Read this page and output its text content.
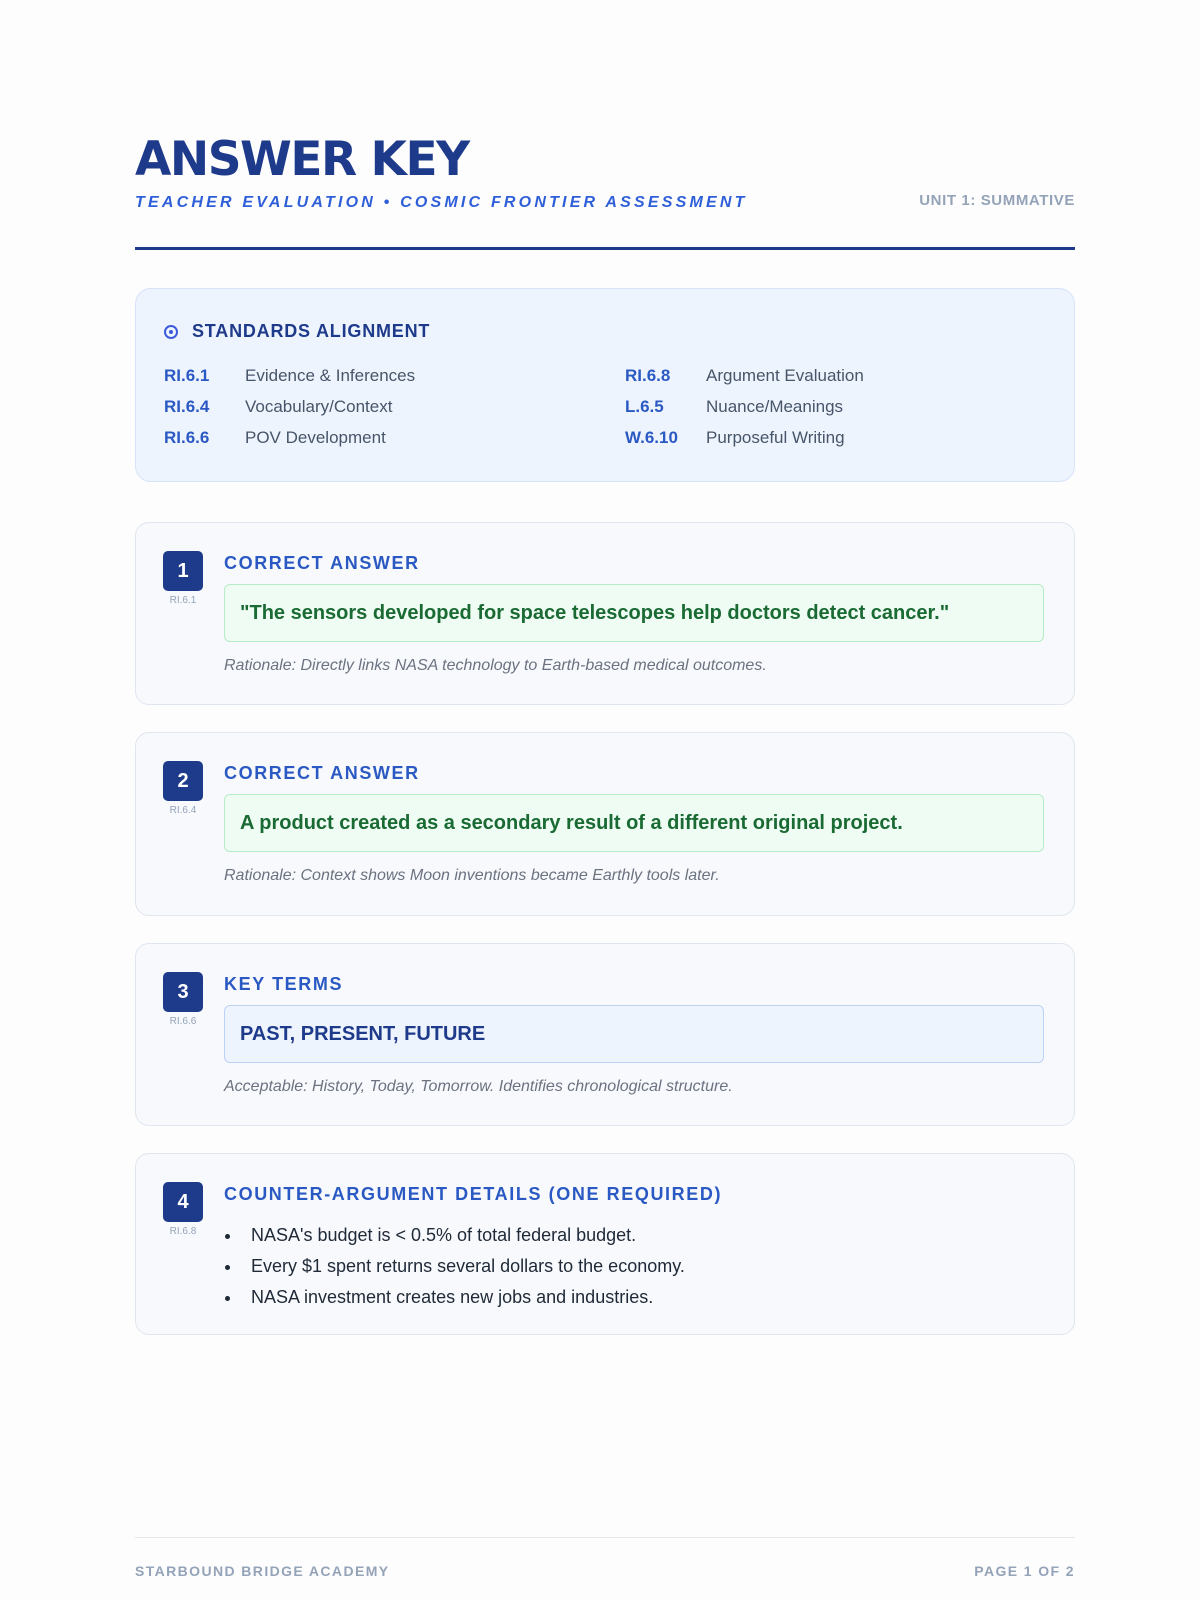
ANSWER KEY
TEACHER EVALUATION • COSMIC FRONTIER ASSESSMENT	UNIT 1: SUMMATIVE
STANDARDS ALIGNMENT
RI.6.1	Evidence & Inferences
RI.6.4	Vocabulary/Context
RI.6.6	POV Development
RI.6.8	Argument Evaluation
L.6.5	Nuance/Meanings
W.6.10	Purposeful Writing
1
RI.6.1
CORRECT ANSWER
"The sensors developed for space telescopes help doctors detect cancer."
Rationale: Directly links NASA technology to Earth-based medical outcomes.
2
RI.6.4
CORRECT ANSWER
A product created as a secondary result of a different original project.
Rationale: Context shows Moon inventions became Earthly tools later.
3
RI.6.6
KEY TERMS
PAST, PRESENT, FUTURE
Acceptable: History, Today, Tomorrow. Identifies chronological structure.
4
RI.6.8
COUNTER-ARGUMENT DETAILS (ONE REQUIRED)
NASA's budget is < 0.5% of total federal budget.
Every $1 spent returns several dollars to the economy.
NASA investment creates new jobs and industries.
STARBOUND BRIDGE ACADEMY	PAGE 1 OF 2
